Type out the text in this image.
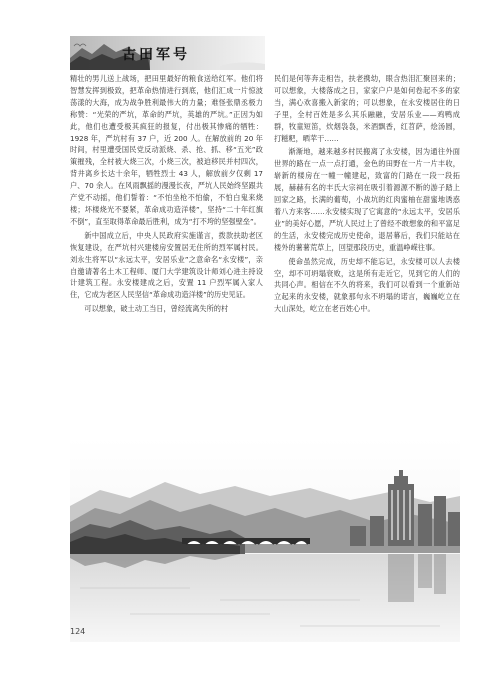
古田军号

精壮的男儿送上战场，把田里最好的粮食送给红军。他们将智慧发挥到极致，把革命热情进行到底，他们汇成一片惊波荡漾的大海，成为战争胜利最伟大的力量；难怪张鼎丞极力称赞：“光荣的严坑，革命的严坑，英雄的严坑。”正因为如此，他们也遭受极其疯狂的报复，付出极其惨痛的牺牲：1928 年，严坑村有 37 户，近 200 人。在解放前的 20 年时间，村里遭受国民党反动派烧、杀、抢、抓、移“五光”政策摧残，全村被大烧三次，小烧三次，被迫移民并村四次，背井离乡长达十余年，牺牲烈士 43 人，解放前夕仅剩 17 户、70 余人。在风雨飘摇的漫漫长夜，严坑人民始终坚跟共产党不动摇，他们誓着：“不怕坐枪不怕偷，不怕白鬼来烧楼；坏楼烧光不要紧，革命成功造洋楼”，坚持“二十年红旗不倒”，直至取得革命最后胜利，成为“打不垮的坚强壁垒”。

新中国成立后，中央人民政府实施谨言，拨款扶助老区恢复建设，在严坑村兴建楼房安置居无住所的烈军属村民。刘永生将军以“永远太平，安居乐业”之意命名“永安楼”，亲自邀请著名土木工程师、厦门大学建筑设计师刘心进主持设计建筑工程。永安楼建成之后，安置 11 户烈军属入家人住，它成为老区人民坚信“革命成功造洋楼”的历史见证。

可以想象，破土动工当日，曾经流离失所的村

民们是何等奔走相告，扶老携幼，眼含热泪汇聚回来的；可以想象，大楼落成之日，家家户户是如何卷起不多的家当，满心欢喜搬入新家的；可以想象，在永安楼居住的日子里，全村百姓是多么其乐融融，安居乐业——鸡鸭成群，牧童短笛，炊烟袅袅，米酒飘香，红苕萨，烩汤圆，打糍粑，晒苹干……

渐渐地，越来越多村民搬离了永安楼，因为通往外面世界的路在一点一点打通，金色的田野在一片一片丰收，崭新的楼房在一幢一幢建起，致富的门路在一段一段拓展，赫赫有名的丰氏大宗祠在吸引着源源不断的游子踏上回家之路，长满的葡萄，小战坑的红肉蜜柚在甜蜜地诱惑着八方来客……永安楼实现了它寓意的“永远太平，安居乐业”的美好心愿，严坑人民过上了曾经不敢想象的和平富足的生活，永安楼完成历史使命，退居幕后，我们只能站在楼外的薯薯荒草上，回望那段历史，重温峥嵘往事。

使命虽然完成，历史却不能忘记，永安楼可以人去楼空，却不可坍塌衰败，这是所有走近它，见到它的人们的共同心声。相信在不久的将来，我们可以看到一个重新站立起来的永安楼，就象那句永不坍塌的诺言，巍巍屹立在大山深处，屹立在老百姓心中。

124
